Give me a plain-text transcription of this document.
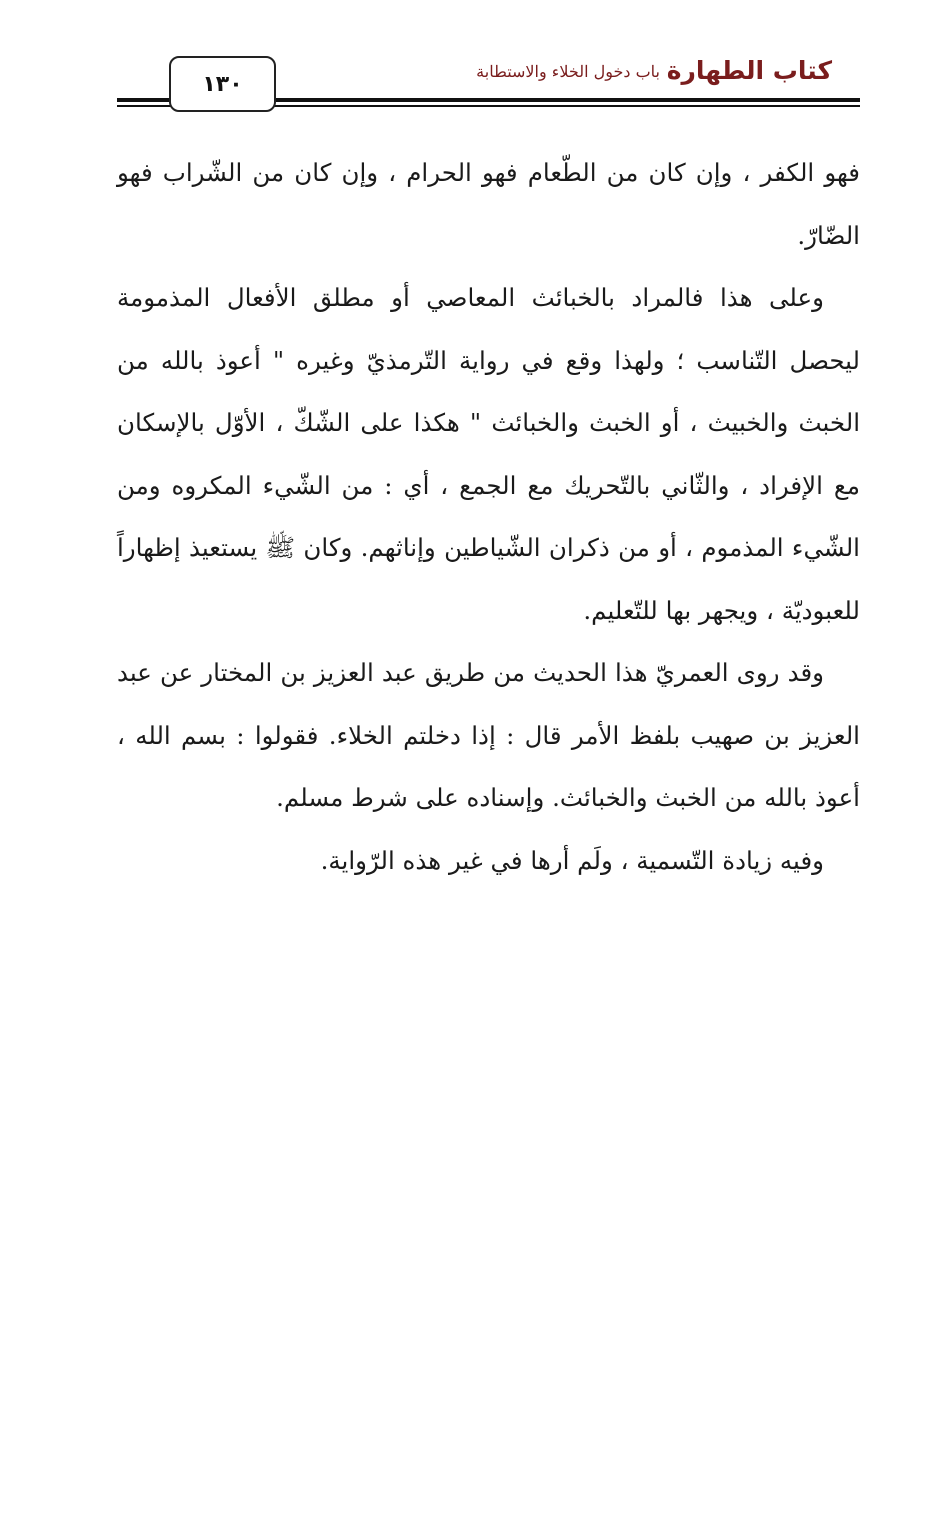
كتاب الطهارة
باب دخول الخلاء والاستطابة
١٣٠

فهو الكفر ، وإن كان من الطّعام فهو الحرام ، وإن كان من الشّراب فهو الضّارّ.

وعلى هذا فالمراد بالخبائث المعاصي أو مطلق الأفعال المذمومة ليحصل التّناسب ؛ ولهذا وقع في رواية التّرمذيّ وغيره " أعوذ بالله من الخبث والخبيث ، أو الخبث والخبائث " هكذا على الشّكّ ، الأوّل بالإسكان مع الإفراد ، والثّاني بالتّحريك مع الجمع ، أي : من الشّيء المكروه ومن الشّيء المذموم ، أو من ذكران الشّياطين وإناثهم. وكان ﷺ يستعيذ إظهاراً للعبوديّة ، ويجهر بها للتّعليم.

وقد روى العمريّ هذا الحديث من طريق عبد العزيز بن المختار عن عبد العزيز بن صهيب بلفظ الأمر قال : إذا دخلتم الخلاء. فقولوا : بسم الله ، أعوذ بالله من الخبث والخبائث. وإسناده على شرط مسلم.

وفيه زيادة التّسمية ، ولَم أرها في غير هذه الرّواية.
